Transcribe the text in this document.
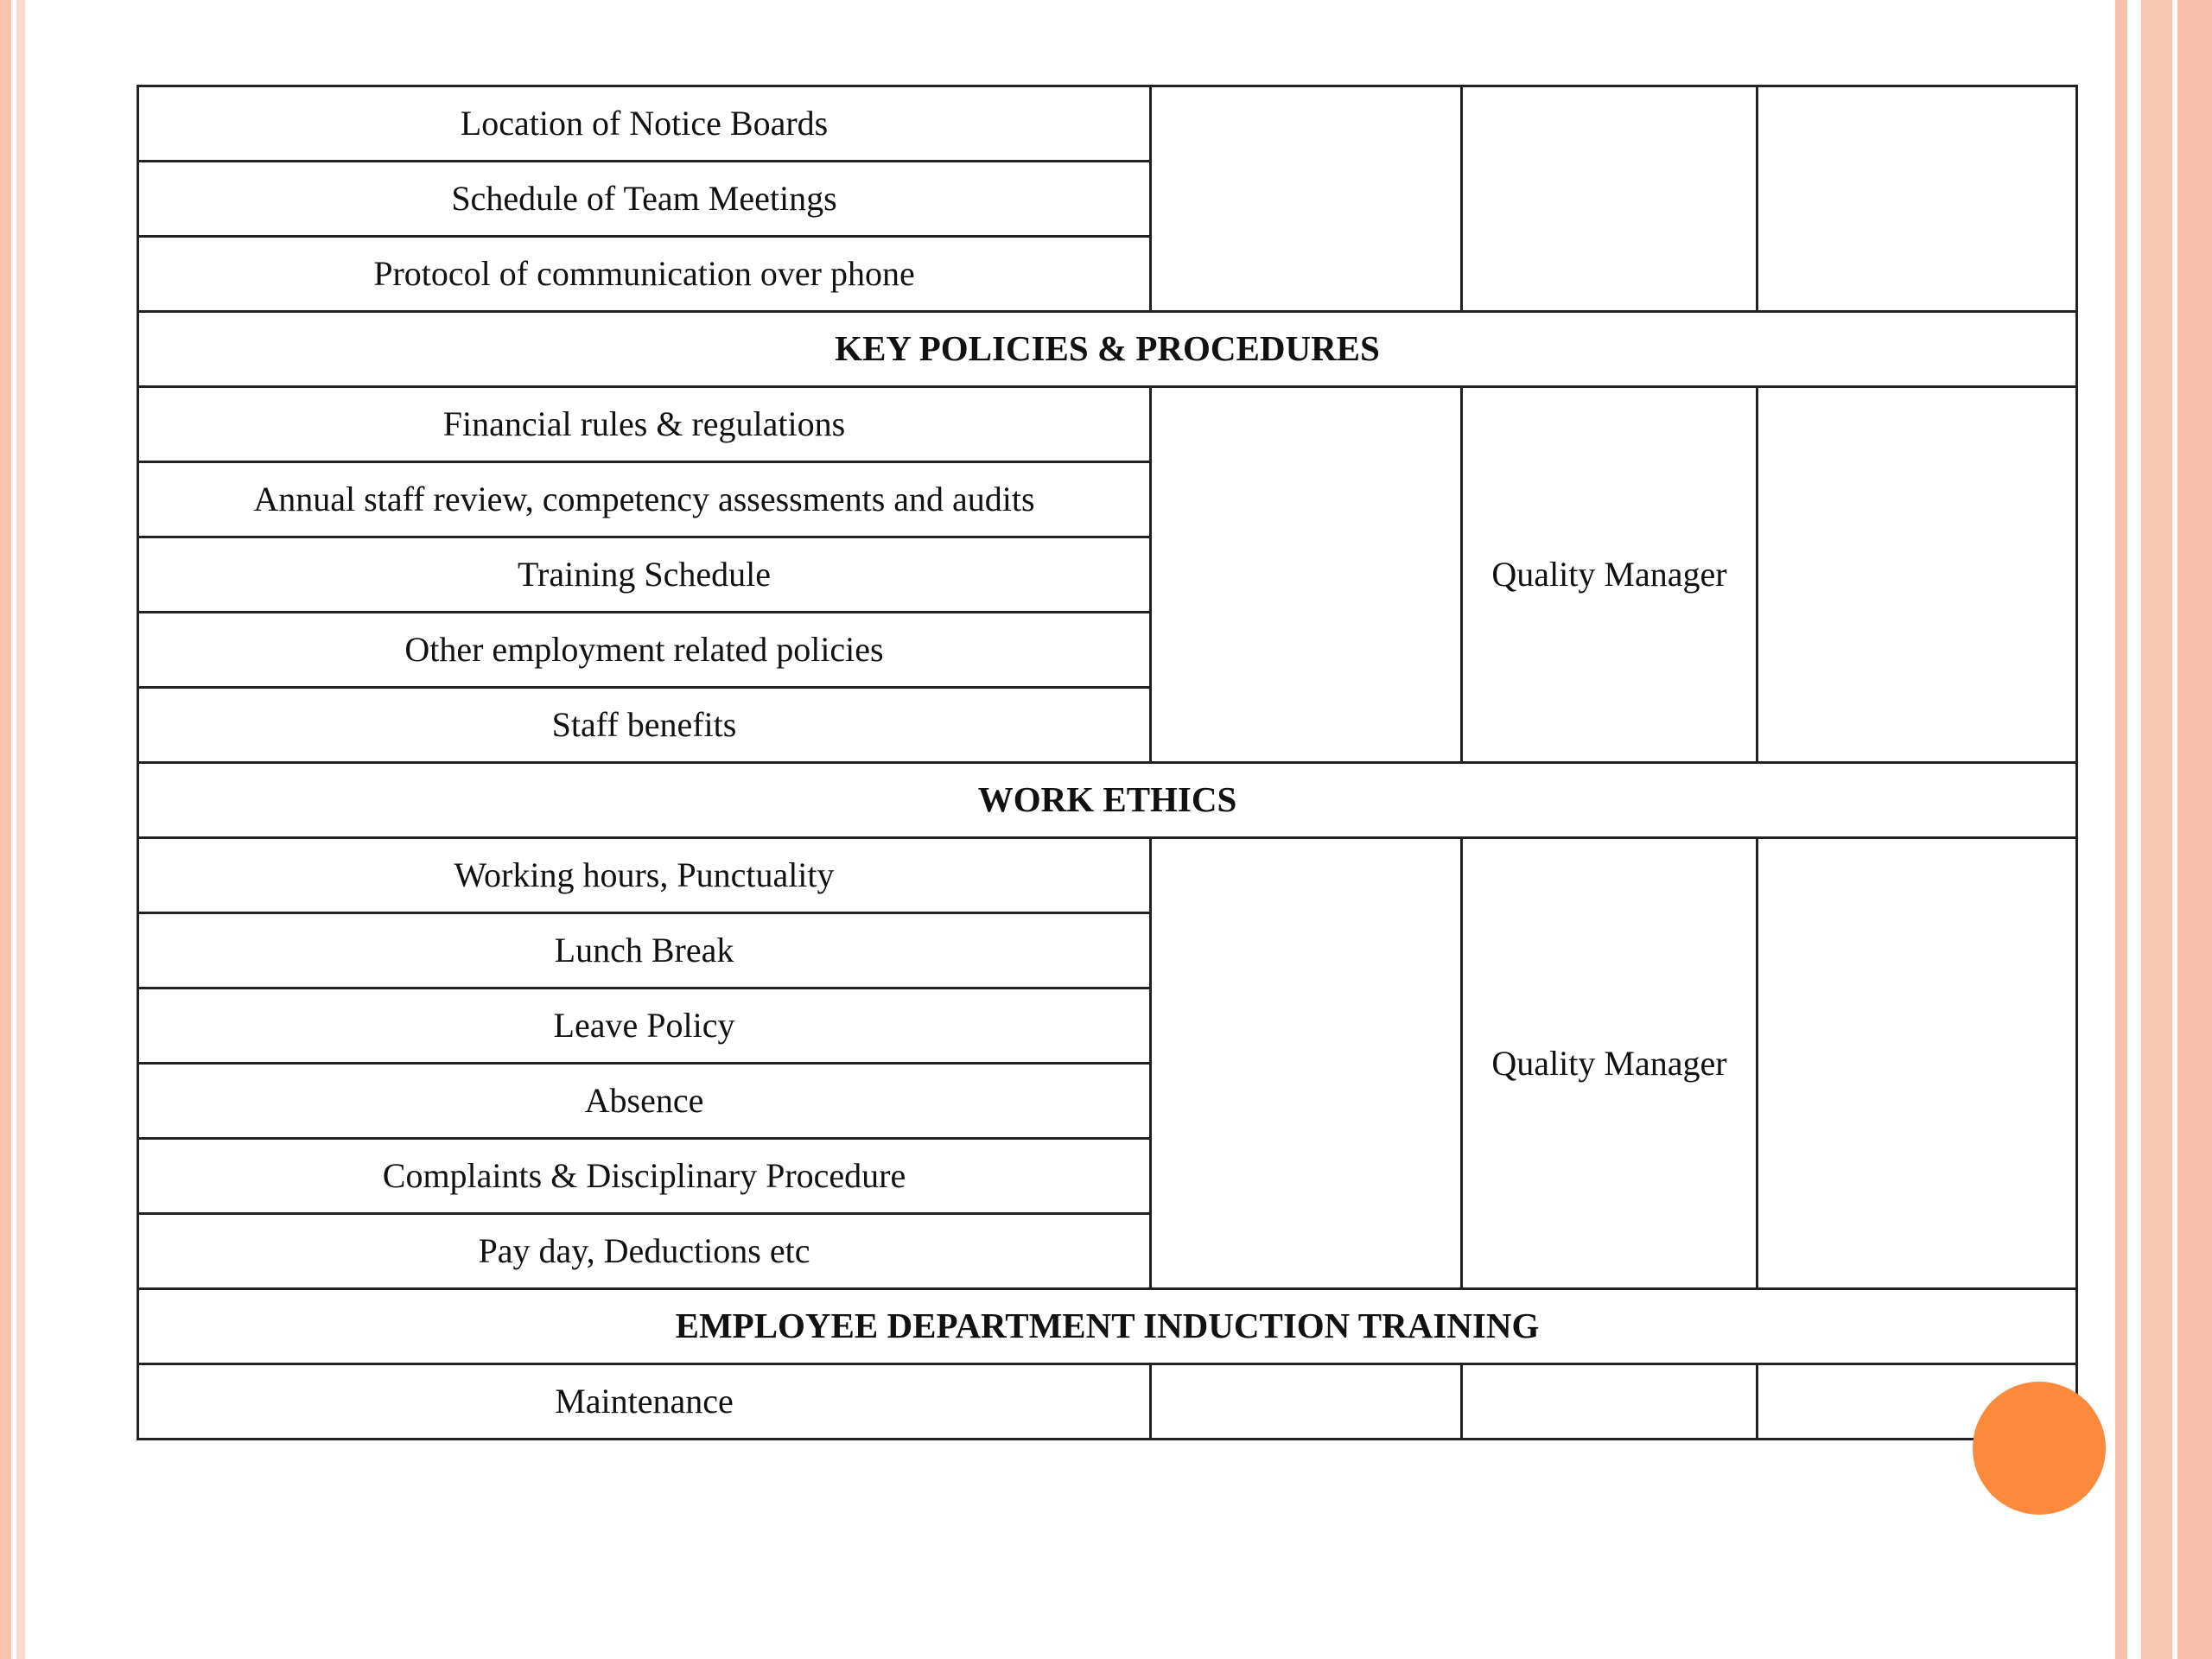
Location of Notice Boards			
Schedule of Team Meetings			
Protocol of communication over phone			
KEY POLICIES & PROCEDURES			
Financial rules & regulations		Quality Manager	
Annual staff review, competency assessments and audits			
Training Schedule			
Other employment related policies			
Staff benefits			
WORK ETHICS			
Working hours, Punctuality		Quality Manager	
Lunch Break			
Leave Policy			
Absence			
Complaints & Disciplinary Procedure			
Pay day, Deductions etc			
EMPLOYEE DEPARTMENT INDUCTION TRAINING			
Maintenance			
